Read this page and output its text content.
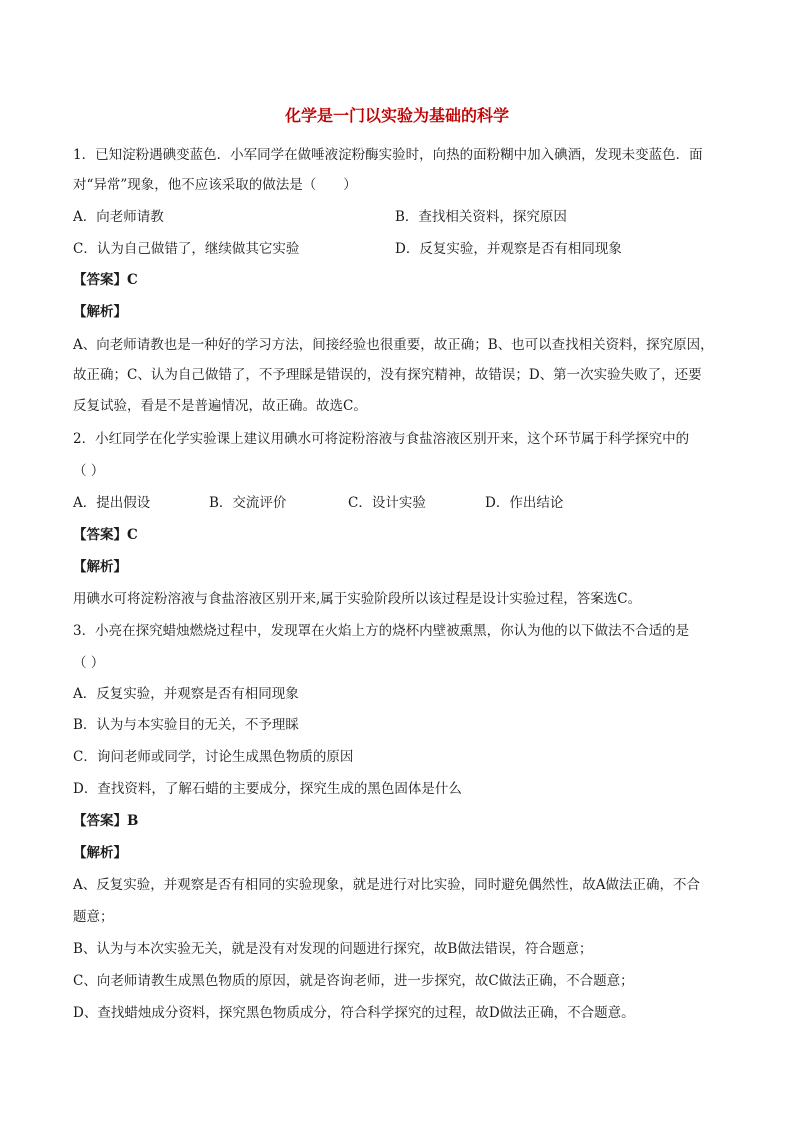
化学是一门以实验为基础的科学
1．已知淀粉遇碘变蓝色．小军同学在做唾液淀粉酶实验时，向热的面粉糊中加入碘酒，发现未变蓝色．面
对“异常”现象，他不应该采取的做法是（　　）
A．向老师请教	B．查找相关资料，探究原因
C．认为自己做错了，继续做其它实验	D．反复实验，并观察是否有相同现象
【答案】C
【解析】
A、向老师请教也是一种好的学习方法，间接经验也很重要，故正确；B、也可以查找相关资料，探究原因，
故正确；C、认为自己做错了，不予理睬是错误的，没有探究精神，故错误；D、第一次实验失败了，还要
反复试验，看是不是普遍情况，故正确。故选C。
2．小红同学在化学实验课上建议用碘水可将淀粉溶液与食盐溶液区别开来，这个环节属于科学探究中的
（ ）
A．提出假设	B．交流评价	C．设计实验	D．作出结论
【答案】C
【解析】
用碘水可将淀粉溶液与食盐溶液区别开来,属于实验阶段所以该过程是设计实验过程，答案选C。
3．小亮在探究蜡烛燃烧过程中，发现罩在火焰上方的烧杯内壁被熏黑，你认为他的以下做法不合适的是
（ ）
A．反复实验，并观察是否有相同现象
B．认为与本实验目的无关，不予理睬
C．询问老师或同学，讨论生成黑色物质的原因
D．查找资料，了解石蜡的主要成分，探究生成的黑色固体是什么
【答案】B
【解析】
A、反复实验，并观察是否有相同的实验现象，就是进行对比实验，同时避免偶然性，故A做法正确，不合
题意；
B、认为与本次实验无关，就是没有对发现的问题进行探究，故B做法错误，符合题意；
C、向老师请教生成黑色物质的原因，就是咨询老师，进一步探究，故C做法正确，不合题意；
D、查找蜡烛成分资料，探究黑色物质成分，符合科学探究的过程，故D做法正确，不合题意。
